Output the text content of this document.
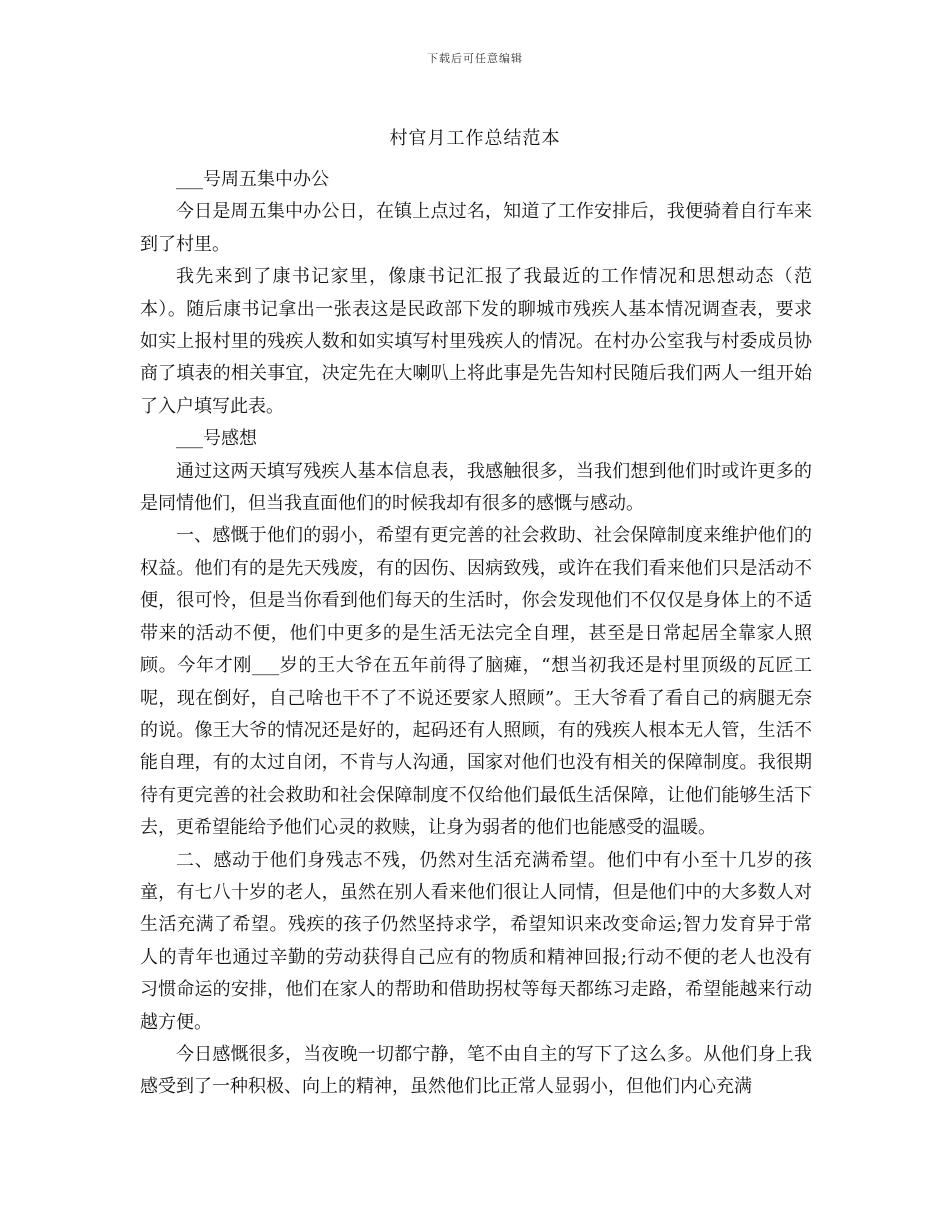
下载后可任意编辑
村官月工作总结范本

___号周五集中办公

今日是周五集中办公日，在镇上点过名，知道了工作安排后，我便骑着自行车来到了村里。

我先来到了康书记家里，像康书记汇报了我最近的工作情况和思想动态（范本）。随后康书记拿出一张表这是民政部下发的聊城市残疾人基本情况调查表，要求如实上报村里的残疾人数和如实填写村里残疾人的情况。在村办公室我与村委成员协商了填表的相关事宜，决定先在大喇叭上将此事是先告知村民随后我们两人一组开始了入户填写此表。

___号感想

通过这两天填写残疾人基本信息表，我感触很多，当我们想到他们时或许更多的是同情他们，但当我直面他们的时候我却有很多的感慨与感动。

一、感慨于他们的弱小，希望有更完善的社会救助、社会保障制度来维护他们的权益。他们有的是先天残废，有的因伤、因病致残，或许在我们看来他们只是活动不便，很可怜，但是当你看到他们每天的生活时，你会发现他们不仅仅是身体上的不适带来的活动不便，他们中更多的是生活无法完全自理，甚至是日常起居全靠家人照顾。今年才刚___岁的王大爷在五年前得了脑瘫，“想当初我还是村里顶级的瓦匠工呢，现在倒好，自己啥也干不了不说还要家人照顾”。王大爷看了看自己的病腿无奈的说。像王大爷的情况还是好的，起码还有人照顾，有的残疾人根本无人管，生活不能自理，有的太过自闭，不肯与人沟通，国家对他们也没有相关的保障制度。我很期待有更完善的社会救助和社会保障制度不仅给他们最低生活保障，让他们能够生活下去，更希望能给予他们心灵的救赎，让身为弱者的他们也能感受的温暖。

二、感动于他们身残志不残，仍然对生活充满希望。他们中有小至十几岁的孩童，有七八十岁的老人，虽然在别人看来他们很让人同情，但是他们中的大多数人对生活充满了希望。残疾的孩子仍然坚持求学，希望知识来改变命运;智力发育异于常人的青年也通过辛勤的劳动获得自己应有的物质和精神回报;行动不便的老人也没有习惯命运的安排，他们在家人的帮助和借助拐杖等每天都练习走路，希望能越来行动越方便。

今日感慨很多，当夜晚一切都宁静，笔不由自主的写下了这么多。从他们身上我感受到了一种积极、向上的精神，虽然他们比正常人显弱小，但他们内心充满
